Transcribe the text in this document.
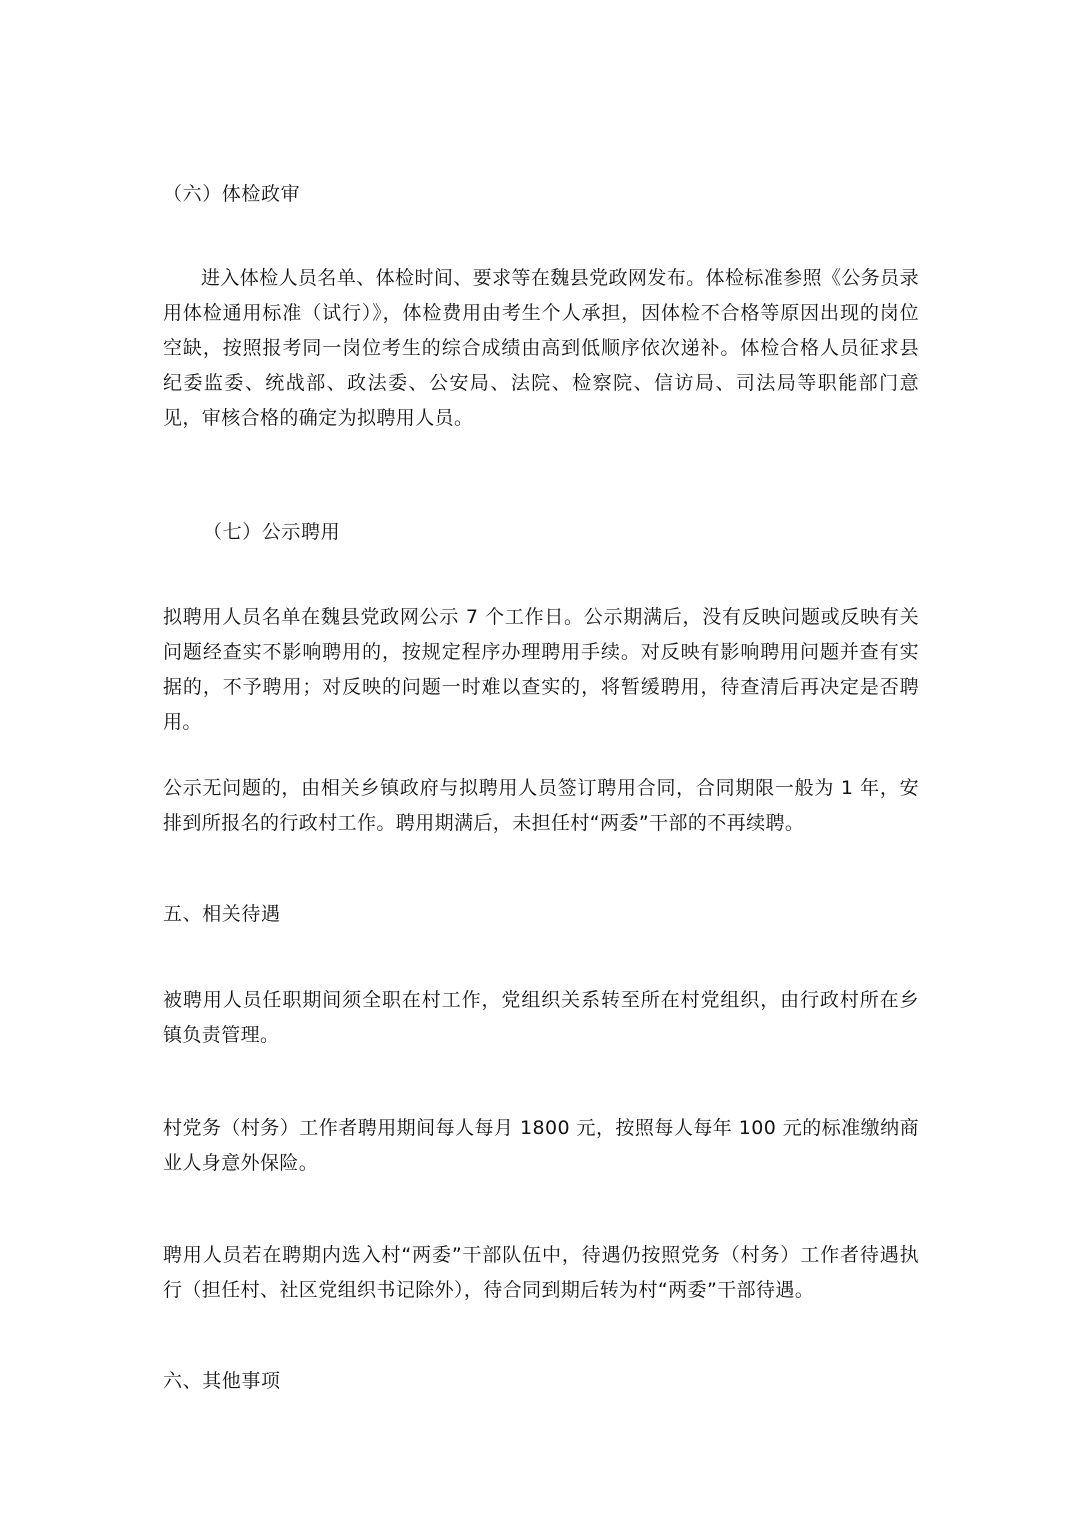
（六）体检政审

进入体检人员名单、体检时间、要求等在魏县党政网发布。体检标准参照《公务员录用体检通用标准（试行）》，体检费用由考生个人承担，因体检不合格等原因出现的岗位空缺，按照报考同一岗位考生的综合成绩由高到低顺序依次递补。体检合格人员征求县纪委监委、统战部、政法委、公安局、法院、检察院、信访局、司法局等职能部门意见，审核合格的确定为拟聘用人员。

（七）公示聘用

拟聘用人员名单在魏县党政网公示 7 个工作日。公示期满后，没有反映问题或反映有关问题经查实不影响聘用的，按规定程序办理聘用手续。对反映有影响聘用问题并查有实据的，不予聘用；对反映的问题一时难以查实的，将暂缓聘用，待查清后再决定是否聘用。

公示无问题的，由相关乡镇政府与拟聘用人员签订聘用合同，合同期限一般为 1 年，安排到所报名的行政村工作。聘用期满后，未担任村“两委”干部的不再续聘。

五、相关待遇

被聘用人员任职期间须全职在村工作，党组织关系转至所在村党组织，由行政村所在乡镇负责管理。

村党务（村务）工作者聘用期间每人每月 1800 元，按照每人每年 100 元的标准缴纳商业人身意外保险。

聘用人员若在聘期内选入村“两委”干部队伍中，待遇仍按照党务（村务）工作者待遇执行（担任村、社区党组织书记除外），待合同到期后转为村“两委”干部待遇。

六、其他事项
